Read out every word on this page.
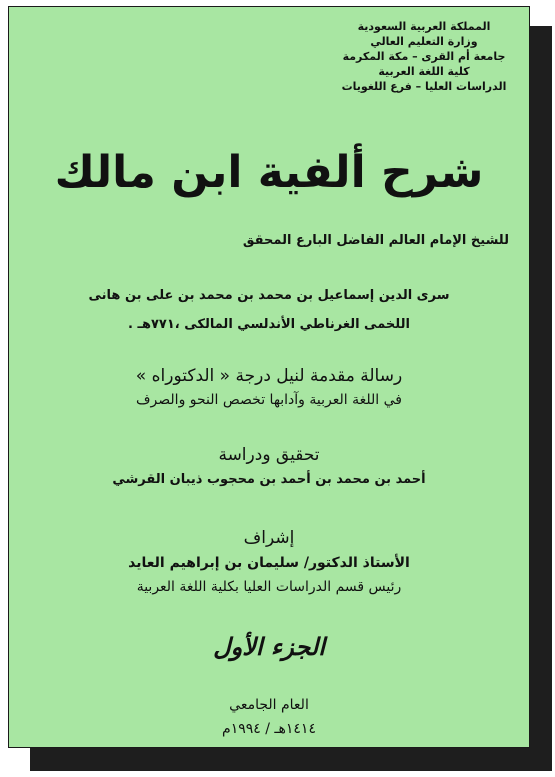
المملكة العربية السعودية
وزارة التعليم العالي
جامعة أم القرى – مكة المكرمة
كلية اللغة العربية
الدراسات العليا – فرع اللغويات
شرح ألفية ابن مالك
للشيخ الإمام العالم الفاضل البارع المحقق
سرى الدين إسماعيل بن محمد بن محمد بن على بن هانى
اللخمى الغرناطي الأندلسي المالكى ،٧٧١هـ .
رسالة مقدمة لنيل درجة « الدكتوراه »
في اللغة العربية وآدابها تخصص النحو والصرف
تحقيق ودراسة
أحمد بن محمد بن أحمد بن محجوب ذيبان القرشي
إشراف
الأستاذ الدكتور/ سليمان بن إبراهيم العايد
رئيس قسم الدراسات العليا بكلية اللغة العربية
الجزء الأول
العام الجامعي
١٤١٤هـ / ١٩٩٤م
